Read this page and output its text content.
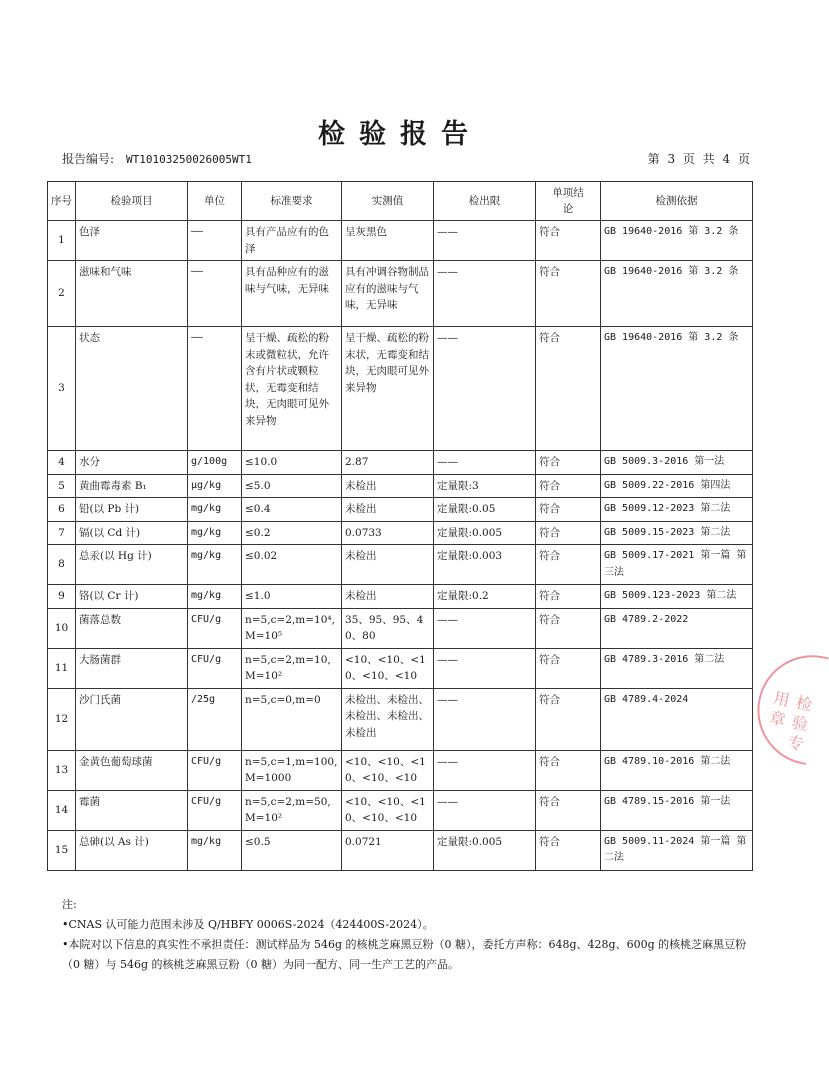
检验报告
报告编号: WT10103250026005WT1	第 3 页 共 4 页
序号	检验项目	单位	标准要求	实测值	检出限	单项结论	检测依据
1	色泽	——	具有产品应有的色泽	呈灰黑色	——	符合	GB 19640-2016 第 3.2 条
2	滋味和气味	——	具有品种应有的滋味与气味，无异味	具有冲调谷物制品应有的滋味与气味，无异味	——	符合	GB 19640-2016 第 3.2 条
3	状态	——	呈干燥、疏松的粉末或微粒状，允许含有片状或颗粒状，无霉变和结块，无肉眼可见外来异物	呈干燥、疏松的粉末状，无霉变和结块，无肉眼可见外来异物	——	符合	GB 19640-2016 第 3.2 条
4	水分	g/100g	≤10.0	2.87	——	符合	GB 5009.3-2016 第一法
5	黄曲霉毒素 B₁	μg/kg	≤5.0	未检出	定量限:3	符合	GB 5009.22-2016 第四法
6	铅(以 Pb 计)	mg/kg	≤0.4	未检出	定量限:0.05	符合	GB 5009.12-2023 第二法
7	镉(以 Cd 计)	mg/kg	≤0.2	0.0733	定量限:0.005	符合	GB 5009.15-2023 第二法
8	总汞(以 Hg 计)	mg/kg	≤0.02	未检出	定量限:0.003	符合	GB 5009.17-2021 第一篇 第三法
9	铬(以 Cr 计)	mg/kg	≤1.0	未检出	定量限:0.2	符合	GB 5009.123-2023 第二法
10	菌落总数	CFU/g	n=5,c=2,m=10⁴,M=10⁵	35、95、95、40、80	——	符合	GB 4789.2-2022
11	大肠菌群	CFU/g	n=5,c=2,m=10,M=10²	<10、<10、<10、<10、<10	——	符合	GB 4789.3-2016 第二法
12	沙门氏菌	/25g	n=5,c=0,m=0	未检出、未检出、未检出、未检出、未检出	——	符合	GB 4789.4-2024
13	金黄色葡萄球菌	CFU/g	n=5,c=1,m=100,M=1000	<10、<10、<10、<10、<10	——	符合	GB 4789.10-2016 第二法
14	霉菌	CFU/g	n=5,c=2,m=50,M=10²	<10、<10、<10、<10、<10	——	符合	GB 4789.15-2016 第一法
15	总砷(以 As 计)	mg/kg	≤0.5	0.0721	定量限:0.005	符合	GB 5009.11-2024 第一篇 第二法
注:
•CNAS 认可能力范围未涉及 Q/HBFY 0006S-2024（424400S-2024）。
•本院对以下信息的真实性不承担责任：测试样品为 546g 的核桃芝麻黑豆粉（0 糖），委托方声称：648g、428g、600g 的核桃芝麻黑豆粉（0 糖）与 546g 的核桃芝麻黑豆粉（0 糖）为同一配方、同一生产工艺的产品。
检验专用章
